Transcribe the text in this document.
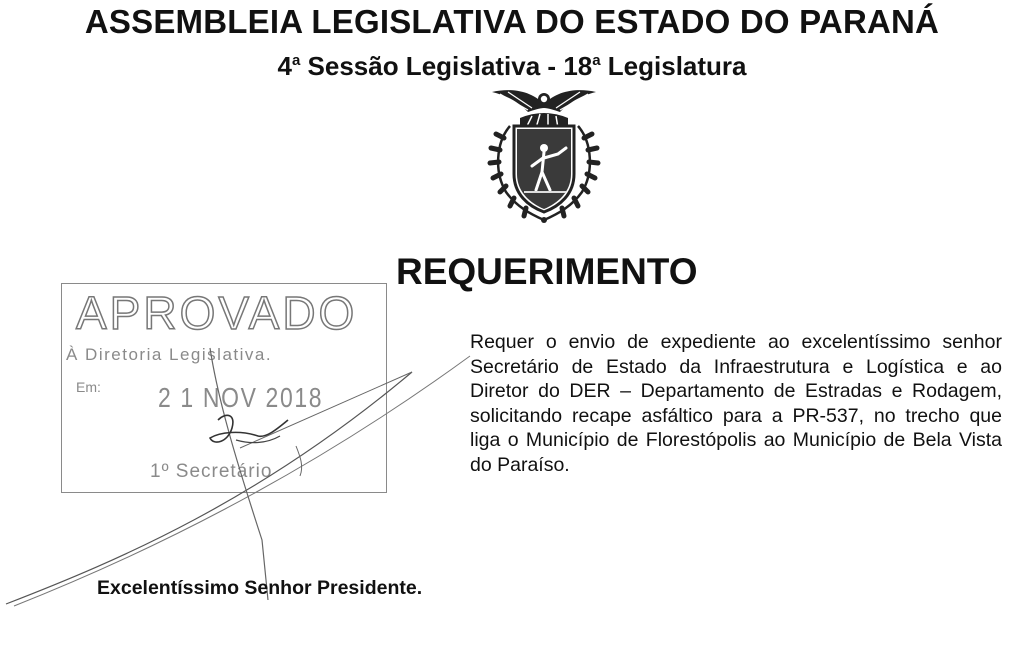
ASSEMBLEIA LEGISLATIVA DO ESTADO DO PARANÁ
4$^a$ Sessão Legislativa - 18$^a$ Legislatura
REQUERIMENTO
APROVADO
À Diretoria Legislativa.
Em: 2 1 NOV 2018
1º Secretário
Requer o envio de expediente ao excelentíssimo senhor Secretário de Estado da Infraestrutura e Logística e ao Diretor do DER – Departamento de Estradas e Rodagem, solicitando recape asfáltico para a PR-537, no trecho que liga o Município de Florestópolis ao Município de Bela Vista do Paraíso.
Excelentíssimo Senhor Presidente.
